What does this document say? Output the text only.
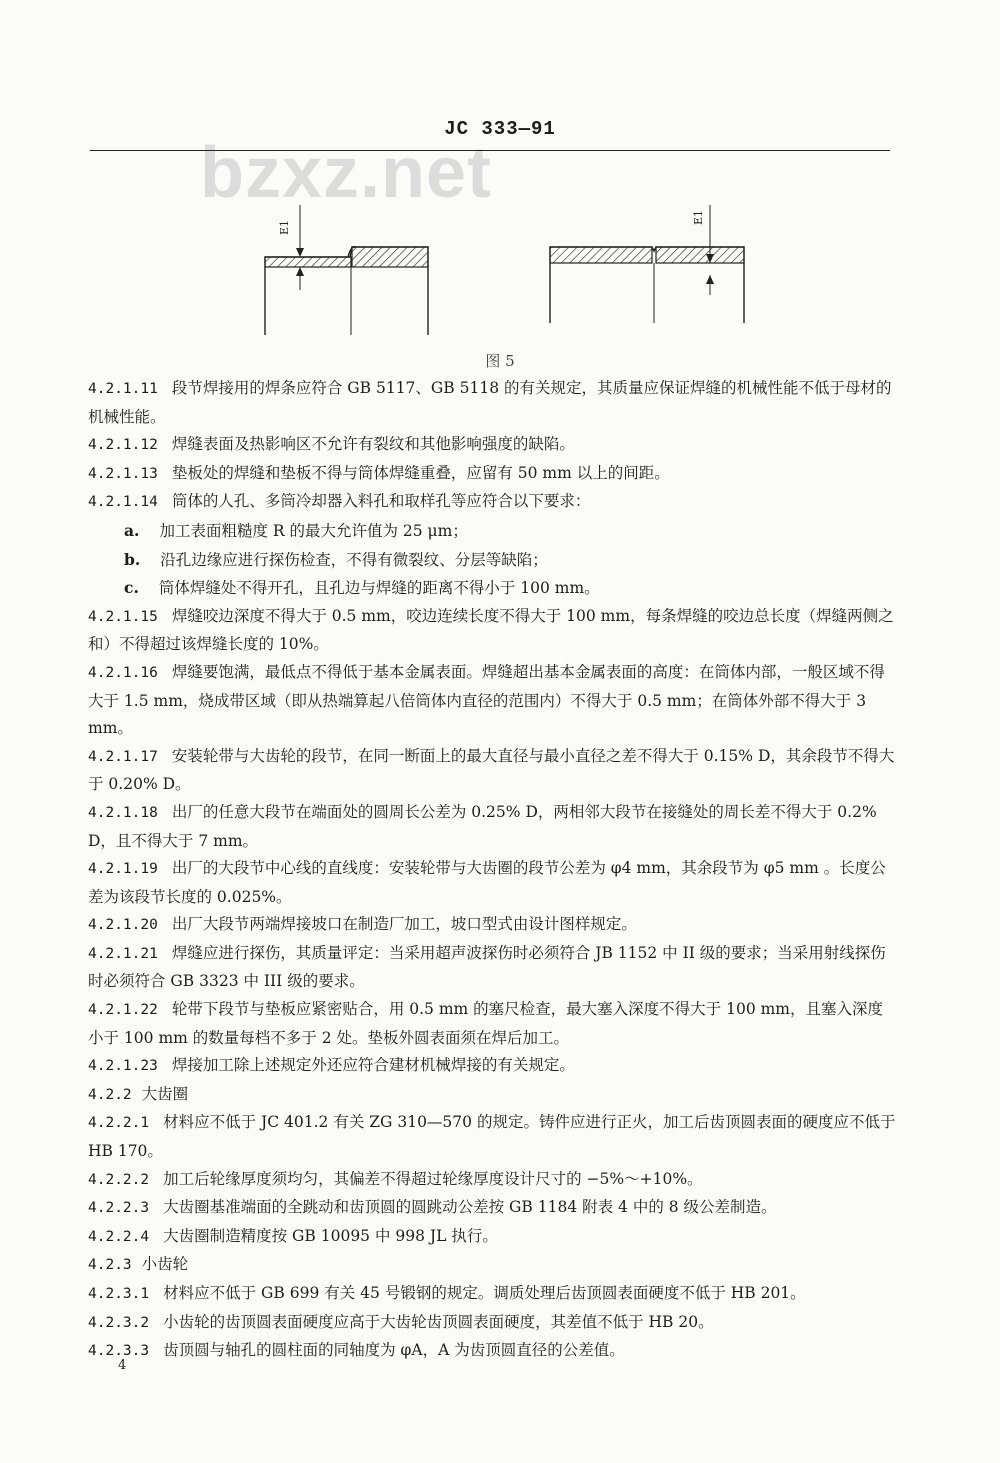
bzxz.net
JC 333—91
E1
E1
图 5

4.2.1.11 段节焊接用的焊条应符合 GB 5117、GB 5118 的有关规定，其质量应保证焊缝的机械性能不低于母材的机械性能。

4.2.1.12 焊缝表面及热影响区不允许有裂纹和其他影响强度的缺陷。

4.2.1.13 垫板处的焊缝和垫板不得与筒体焊缝重叠，应留有 50 mm 以上的间距。

4.2.1.14 筒体的人孔、多筒冷却器入料孔和取样孔等应符合以下要求：

a. 加工表面粗糙度 R 的最大允许值为 25 μm；

b. 沿孔边缘应进行探伤检查，不得有微裂纹、分层等缺陷；

c. 筒体焊缝处不得开孔，且孔边与焊缝的距离不得小于 100 mm。

4.2.1.15 焊缝咬边深度不得大于 0.5 mm，咬边连续长度不得大于 100 mm，每条焊缝的咬边总长度（焊缝两侧之和）不得超过该焊缝长度的 10%。

4.2.1.16 焊缝要饱满，最低点不得低于基本金属表面。焊缝超出基本金属表面的高度：在筒体内部，一般区域不得大于 1.5 mm，烧成带区域（即从热端算起八倍筒体内直径的范围内）不得大于 0.5 mm；在筒体外部不得大于 3 mm。

4.2.1.17 安装轮带与大齿轮的段节，在同一断面上的最大直径与最小直径之差不得大于 0.15% D，其余段节不得大于 0.20% D。

4.2.1.18 出厂的任意大段节在端面处的圆周长公差为 0.25% D，两相邻大段节在接缝处的周长差不得大于 0.2% D，且不得大于 7 mm。

4.2.1.19 出厂的大段节中心线的直线度：安装轮带与大齿圈的段节公差为 φ4 mm，其余段节为 φ5 mm 。长度公差为该段节长度的 0.025%。

4.2.1.20 出厂大段节两端焊接坡口在制造厂加工，坡口型式由设计图样规定。

4.2.1.21 焊缝应进行探伤，其质量评定：当采用超声波探伤时必须符合 JB 1152 中 II 级的要求；当采用射线探伤时必须符合 GB 3323 中 III 级的要求。

4.2.1.22 轮带下段节与垫板应紧密贴合，用 0.5 mm 的塞尺检查，最大塞入深度不得大于 100 mm，且塞入深度小于 100 mm 的数量每档不多于 2 处。垫板外圆表面须在焊后加工。

4.2.1.23 焊接加工除上述规定外还应符合建材机械焊接的有关规定。

4.2.2 大齿圈

4.2.2.1 材料应不低于 JC 401.2 有关 ZG 310—570 的规定。铸件应进行正火，加工后齿顶圆表面的硬度应不低于 HB 170。

4.2.2.2 加工后轮缘厚度须均匀，其偏差不得超过轮缘厚度设计尺寸的 −5%～+10%。

4.2.2.3 大齿圈基准端面的全跳动和齿顶圆的圆跳动公差按 GB 1184 附表 4 中的 8 级公差制造。

4.2.2.4 大齿圈制造精度按 GB 10095 中 998 JL 执行。

4.2.3 小齿轮

4.2.3.1 材料应不低于 GB 699 有关 45 号锻钢的规定。调质处理后齿顶圆表面硬度不低于 HB 201。

4.2.3.2 小齿轮的齿顶圆表面硬度应高于大齿轮齿顶圆表面硬度，其差值不低于 HB 20。

4.2.3.3 齿顶圆与轴孔的圆柱面的同轴度为 φA，A 为齿顶圆直径的公差值。

4
